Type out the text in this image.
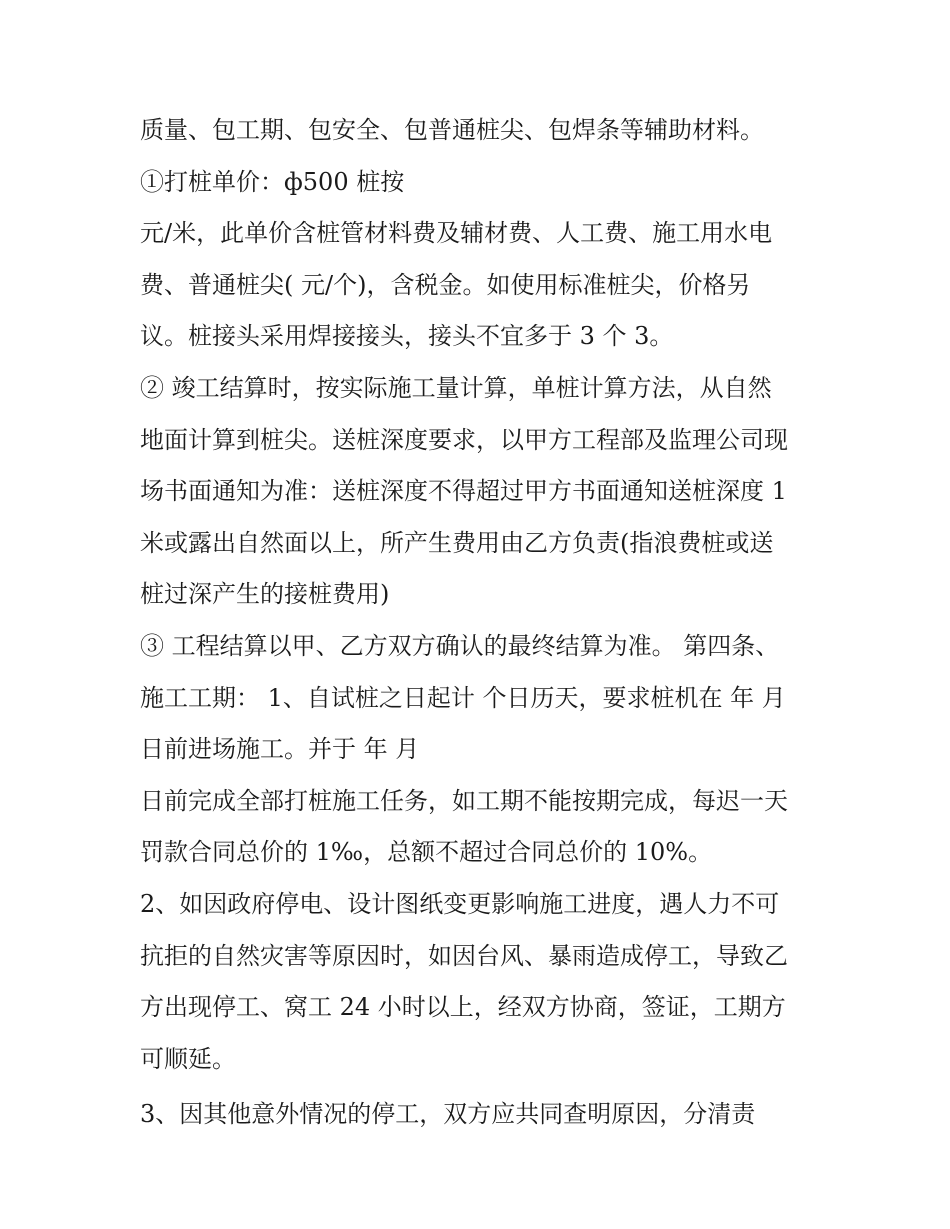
质量、包工期、包安全、包普通桩尖、包焊条等辅助材料。
①打桩单价：ф500 桩按
元/米，此单价含桩管材料费及辅材费、人工费、施工用水电
费、普通桩尖( 元/个)，含税金。如使用标准桩尖，价格另
议。桩接头采用焊接接头，接头不宜多于 3 个 3。
② 竣工结算时，按实际施工量计算，单桩计算方法，从自然
地面计算到桩尖。送桩深度要求，以甲方工程部及监理公司现
场书面通知为准：送桩深度不得超过甲方书面通知送桩深度 1
米或露出自然面以上，所产生费用由乙方负责(指浪费桩或送
桩过深产生的接桩费用)
③ 工程结算以甲、乙方双方确认的最终结算为准。 第四条、
施工工期： 1、自试桩之日起计 个日历天，要求桩机在 年 月
日前进场施工。并于 年 月
日前完成全部打桩施工任务，如工期不能按期完成，每迟一天
罚款合同总价的 1‰，总额不超过合同总价的 10%。
2、如因政府停电、设计图纸变更影响施工进度，遇人力不可
抗拒的自然灾害等原因时，如因台风、暴雨造成停工，导致乙
方出现停工、窝工 24 小时以上，经双方协商，签证，工期方
可顺延。
3、因其他意外情况的停工，双方应共同查明原因，分清责
